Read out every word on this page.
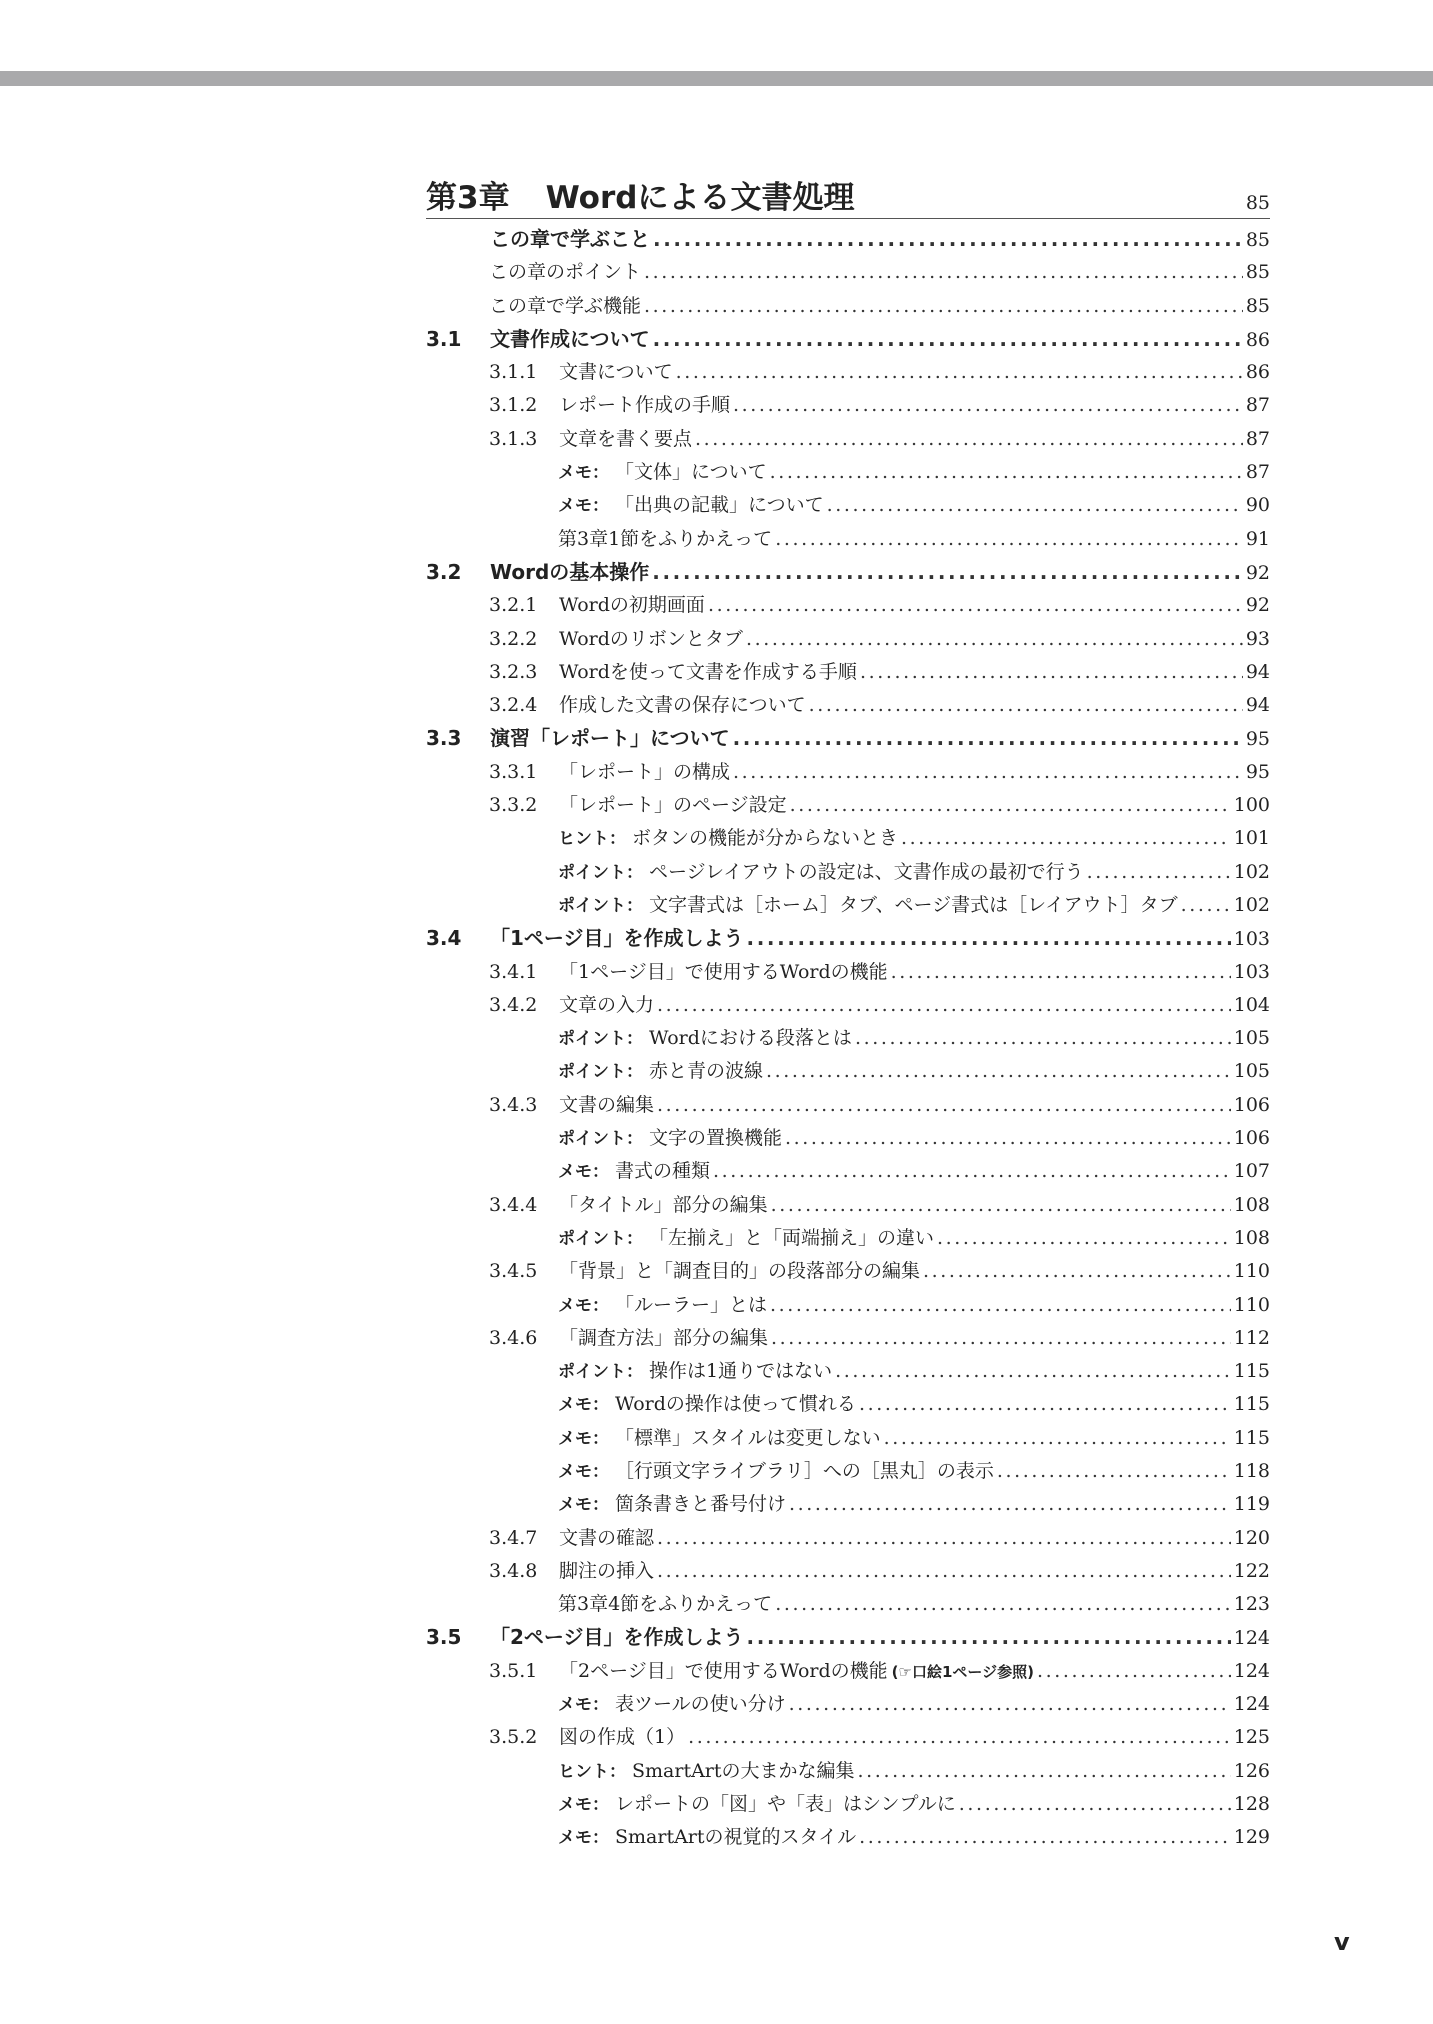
第3章 Wordによる文書処理	85
この章で学ぶこと .....	85
この章のポイント .....	85
この章で学ぶ機能 .....	85
3.1	文書作成について .....	86
3.1.1	文書について .....	86
3.1.2	レポート作成の手順 .....	87
3.1.3	文章を書く要点 .....	87
メモ： 「文体」について .....	87
メモ： 「出典の記載」について .....	90
第3章1節をふりかえって .....	91
3.2	Wordの基本操作 .....	92
3.2.1	Wordの初期画面 .....	92
3.2.2	Wordのリボンとタブ .....	93
3.2.3	Wordを使って文書を作成する手順 .....	94
3.2.4	作成した文書の保存について .....	94
3.3	演習「レポート」について .....	95
3.3.1	「レポート」の構成 .....	95
3.3.2	「レポート」のページ設定 .....	100
ヒント： ボタンの機能が分からないとき .....	101
ポイント： ページレイアウトの設定は、文書作成の最初で行う .....	102
ポイント： 文字書式は［ホーム］タブ、ページ書式は［レイアウト］タブ .....	102
3.4	「1ページ目」を作成しよう .....	103
3.4.1	「1ページ目」で使用するWordの機能 .....	103
3.4.2	文章の入力 .....	104
ポイント： Wordにおける段落とは .....	105
ポイント： 赤と青の波線 .....	105
3.4.3	文書の編集 .....	106
ポイント： 文字の置換機能 .....	106
メモ： 書式の種類 .....	107
3.4.4	「タイトル」部分の編集 .....	108
ポイント： 「左揃え」と「両端揃え」の違い .....	108
3.4.5	「背景」と「調査目的」の段落部分の編集 .....	110
メモ： 「ルーラー」とは .....	110
3.4.6	「調査方法」部分の編集 .....	112
ポイント： 操作は1通りではない .....	115
メモ： Wordの操作は使って慣れる .....	115
メモ： 「標準」スタイルは変更しない .....	115
メモ： ［行頭文字ライブラリ］への［黒丸］の表示 .....	118
メモ： 箇条書きと番号付け .....	119
3.4.7	文書の確認 .....	120
3.4.8	脚注の挿入 .....	122
第3章4節をふりかえって .....	123
3.5	「2ページ目」を作成しよう .....	124
3.5.1	「2ページ目」で使用するWordの機能 (☞口絵1ページ参照) .....	124
メモ： 表ツールの使い分け .....	124
3.5.2	図の作成（1） .....	125
ヒント： SmartArtの大まかな編集 .....	126
メモ： レポートの「図」や「表」はシンプルに .....	128
メモ： SmartArtの視覚的スタイル .....	129
v
